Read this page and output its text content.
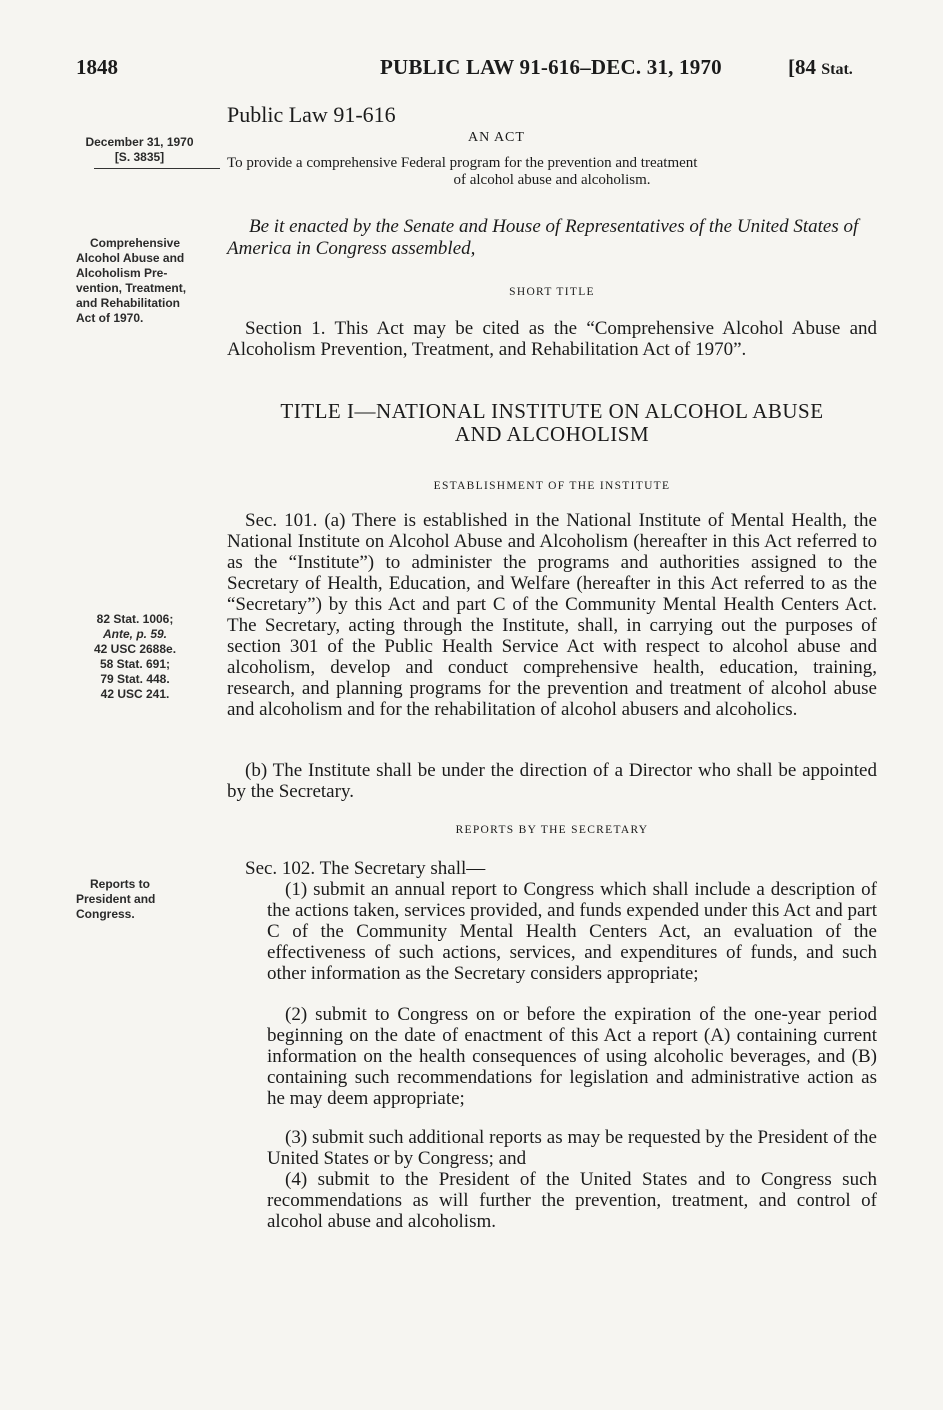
1848	PUBLIC LAW 91-616–DEC. 31, 1970	[84 Stat.
December 31, 1970
[S. 3835]
Comprehensive
Alcohol Abuse and
Alcoholism Pre-
vention, Treatment,
and Rehabilitation
Act of 1970.
82 Stat. 1006;
Ante, p. 59.
42 USC 2688e.
58 Stat. 691;
79 Stat. 448.
42 USC 241.
Reports to
President and
Congress.
Public Law 91-616
AN ACT
To provide a comprehensive Federal program for the prevention and treatment
of alcohol abuse and alcoholism.
Be it enacted by the Senate and House of Representatives of the United States of America in Congress assembled,
SHORT TITLE
Section 1. This Act may be cited as the “Comprehensive Alcohol Abuse and Alcoholism Prevention, Treatment, and Rehabilitation Act of 1970”.
TITLE I—NATIONAL INSTITUTE ON ALCOHOL ABUSE
AND ALCOHOLISM
ESTABLISHMENT OF THE INSTITUTE
Sec. 101. (a) There is established in the National Institute of Mental Health, the National Institute on Alcohol Abuse and Alcoholism (hereafter in this Act referred to as the “Institute”) to administer the programs and authorities assigned to the Secretary of Health, Education, and Welfare (hereafter in this Act referred to as the “Secretary”) by this Act and part C of the Community Mental Health Centers Act. The Secretary, acting through the Institute, shall, in carrying out the purposes of section 301 of the Public Health Service Act with respect to alcohol abuse and alcoholism, develop and conduct comprehensive health, education, training, research, and planning programs for the prevention and treatment of alcohol abuse and alcoholism and for the rehabilitation of alcohol abusers and alcoholics.
(b) The Institute shall be under the direction of a Director who shall be appointed by the Secretary.
REPORTS BY THE SECRETARY
Sec. 102. The Secretary shall—
(1) submit an annual report to Congress which shall include a description of the actions taken, services provided, and funds expended under this Act and part C of the Community Mental Health Centers Act, an evaluation of the effectiveness of such actions, services, and expenditures of funds, and such other information as the Secretary considers appropriate;
(2) submit to Congress on or before the expiration of the one-year period beginning on the date of enactment of this Act a report (A) containing current information on the health consequences of using alcoholic beverages, and (B) containing such recommendations for legislation and administrative action as he may deem appropriate;
(3) submit such additional reports as may be requested by the President of the United States or by Congress; and
(4) submit to the President of the United States and to Congress such recommendations as will further the prevention, treatment, and control of alcohol abuse and alcoholism.
